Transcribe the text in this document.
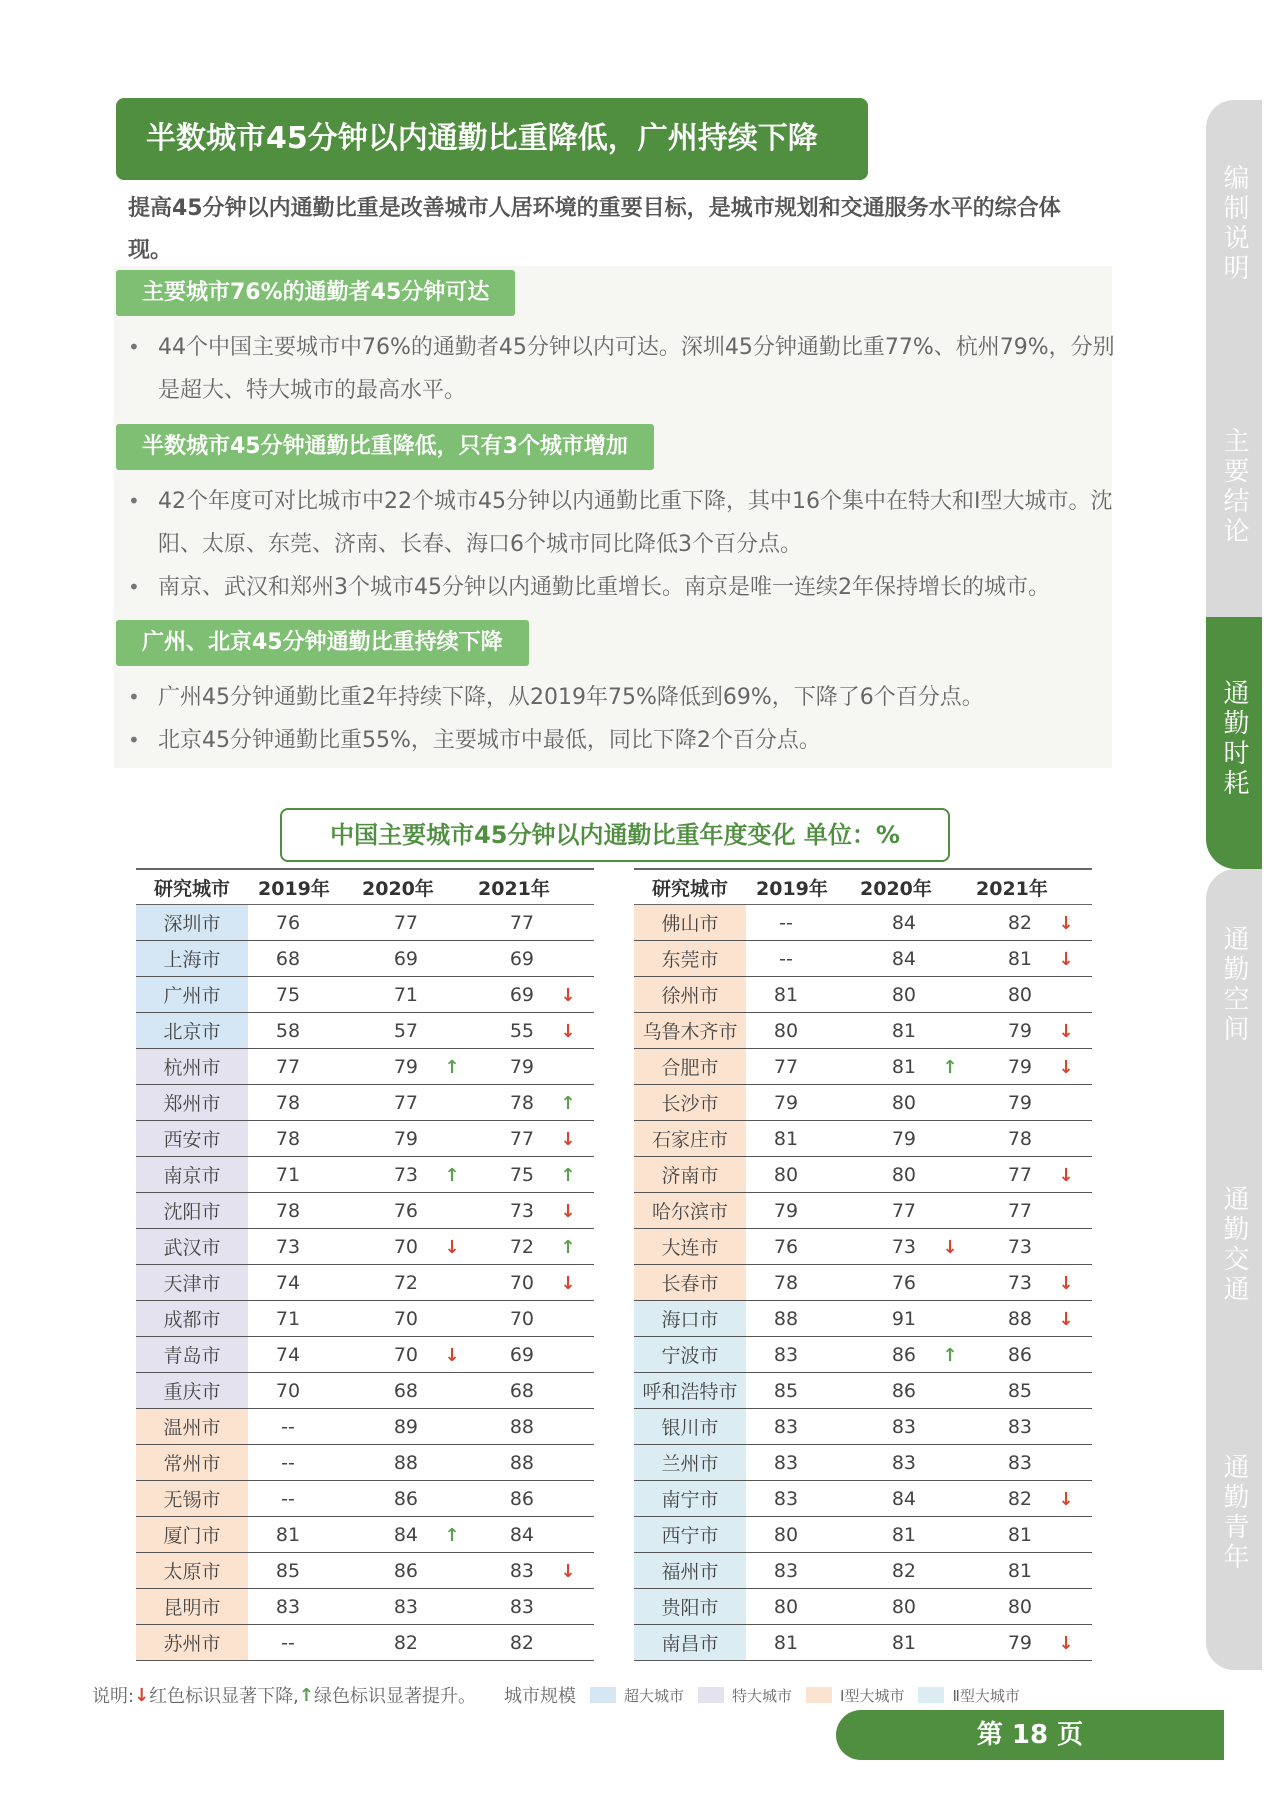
编制说明
主要结论
通勤时耗
通勤空间
通勤交通
通勤青年
半数城市45分钟以内通勤比重降低，广州持续下降
提高45分钟以内通勤比重是改善城市人居环境的重要目标，是城市规划和交通服务水平的综合体现。
主要城市76%的通勤者45分钟可达
• 44个中国主要城市中76%的通勤者45分钟以内可达。深圳45分钟通勤比重77%、杭州79%，分别是超大、特大城市的最高水平。
半数城市45分钟通勤比重降低，只有3个城市增加
• 42个年度可对比城市中22个城市45分钟以内通勤比重下降，其中16个集中在特大和Ⅰ型大城市。沈阳、太原、东莞、济南、长春、海口6个城市同比降低3个百分点。
• 南京、武汉和郑州3个城市45分钟以内通勤比重增长。南京是唯一连续2年保持增长的城市。
广州、北京45分钟通勤比重持续下降
• 广州45分钟通勤比重2年持续下降，从2019年75%降低到69%，下降了6个百分点。
• 北京45分钟通勤比重55%，主要城市中最低，同比下降2个百分点。
中国主要城市45分钟以内通勤比重年度变化 单位：%
研究城市		2019年	2020年	2021年
深圳市		76	77	77
上海市		68	69	69
广州市		75	71	69 ↓
北京市		58	57	55 ↓
杭州市		77	79 ↑	79
郑州市		78	77	78 ↑
西安市		78	79	77 ↓
南京市		71	73 ↑	75 ↑
沈阳市		78	76	73 ↓
武汉市		73	70 ↓	72 ↑
天津市		74	72	70 ↓
成都市		71	70	70
青岛市		74	70 ↓	69
重庆市		70	68	68
温州市		--	89	88
常州市		--	88	88
无锡市		--	86	86
厦门市		81	84 ↑	84
太原市		85	86	83 ↓
昆明市		83	83	83
苏州市		--	82	82
研究城市		2019年	2020年	2021年
佛山市		--	84	82 ↓
东莞市		--	84	81 ↓
徐州市		81	80	80
乌鲁木齐市		80	81	79 ↓
合肥市		77	81 ↑	79 ↓
长沙市		79	80	79
石家庄市		81	79	78
济南市		80	80	77 ↓
哈尔滨市		79	77	77
大连市		76	73 ↓	73
长春市		78	76	73 ↓
海口市		88	91	88 ↓
宁波市		83	86 ↑	86
呼和浩特市		85	86	85
银川市		83	83	83
兰州市		83	83	83
南宁市		83	84	82 ↓
西宁市		80	81	81
福州市		83	82	81
贵阳市		80	80	80
南昌市		81	81	79 ↓
说明: ↓ 红色标识显著下降, ↑ 绿色标识显著提升。 城市规模	超大城市	特大城市	Ⅰ型大城市	Ⅱ型大城市
第 18 页
